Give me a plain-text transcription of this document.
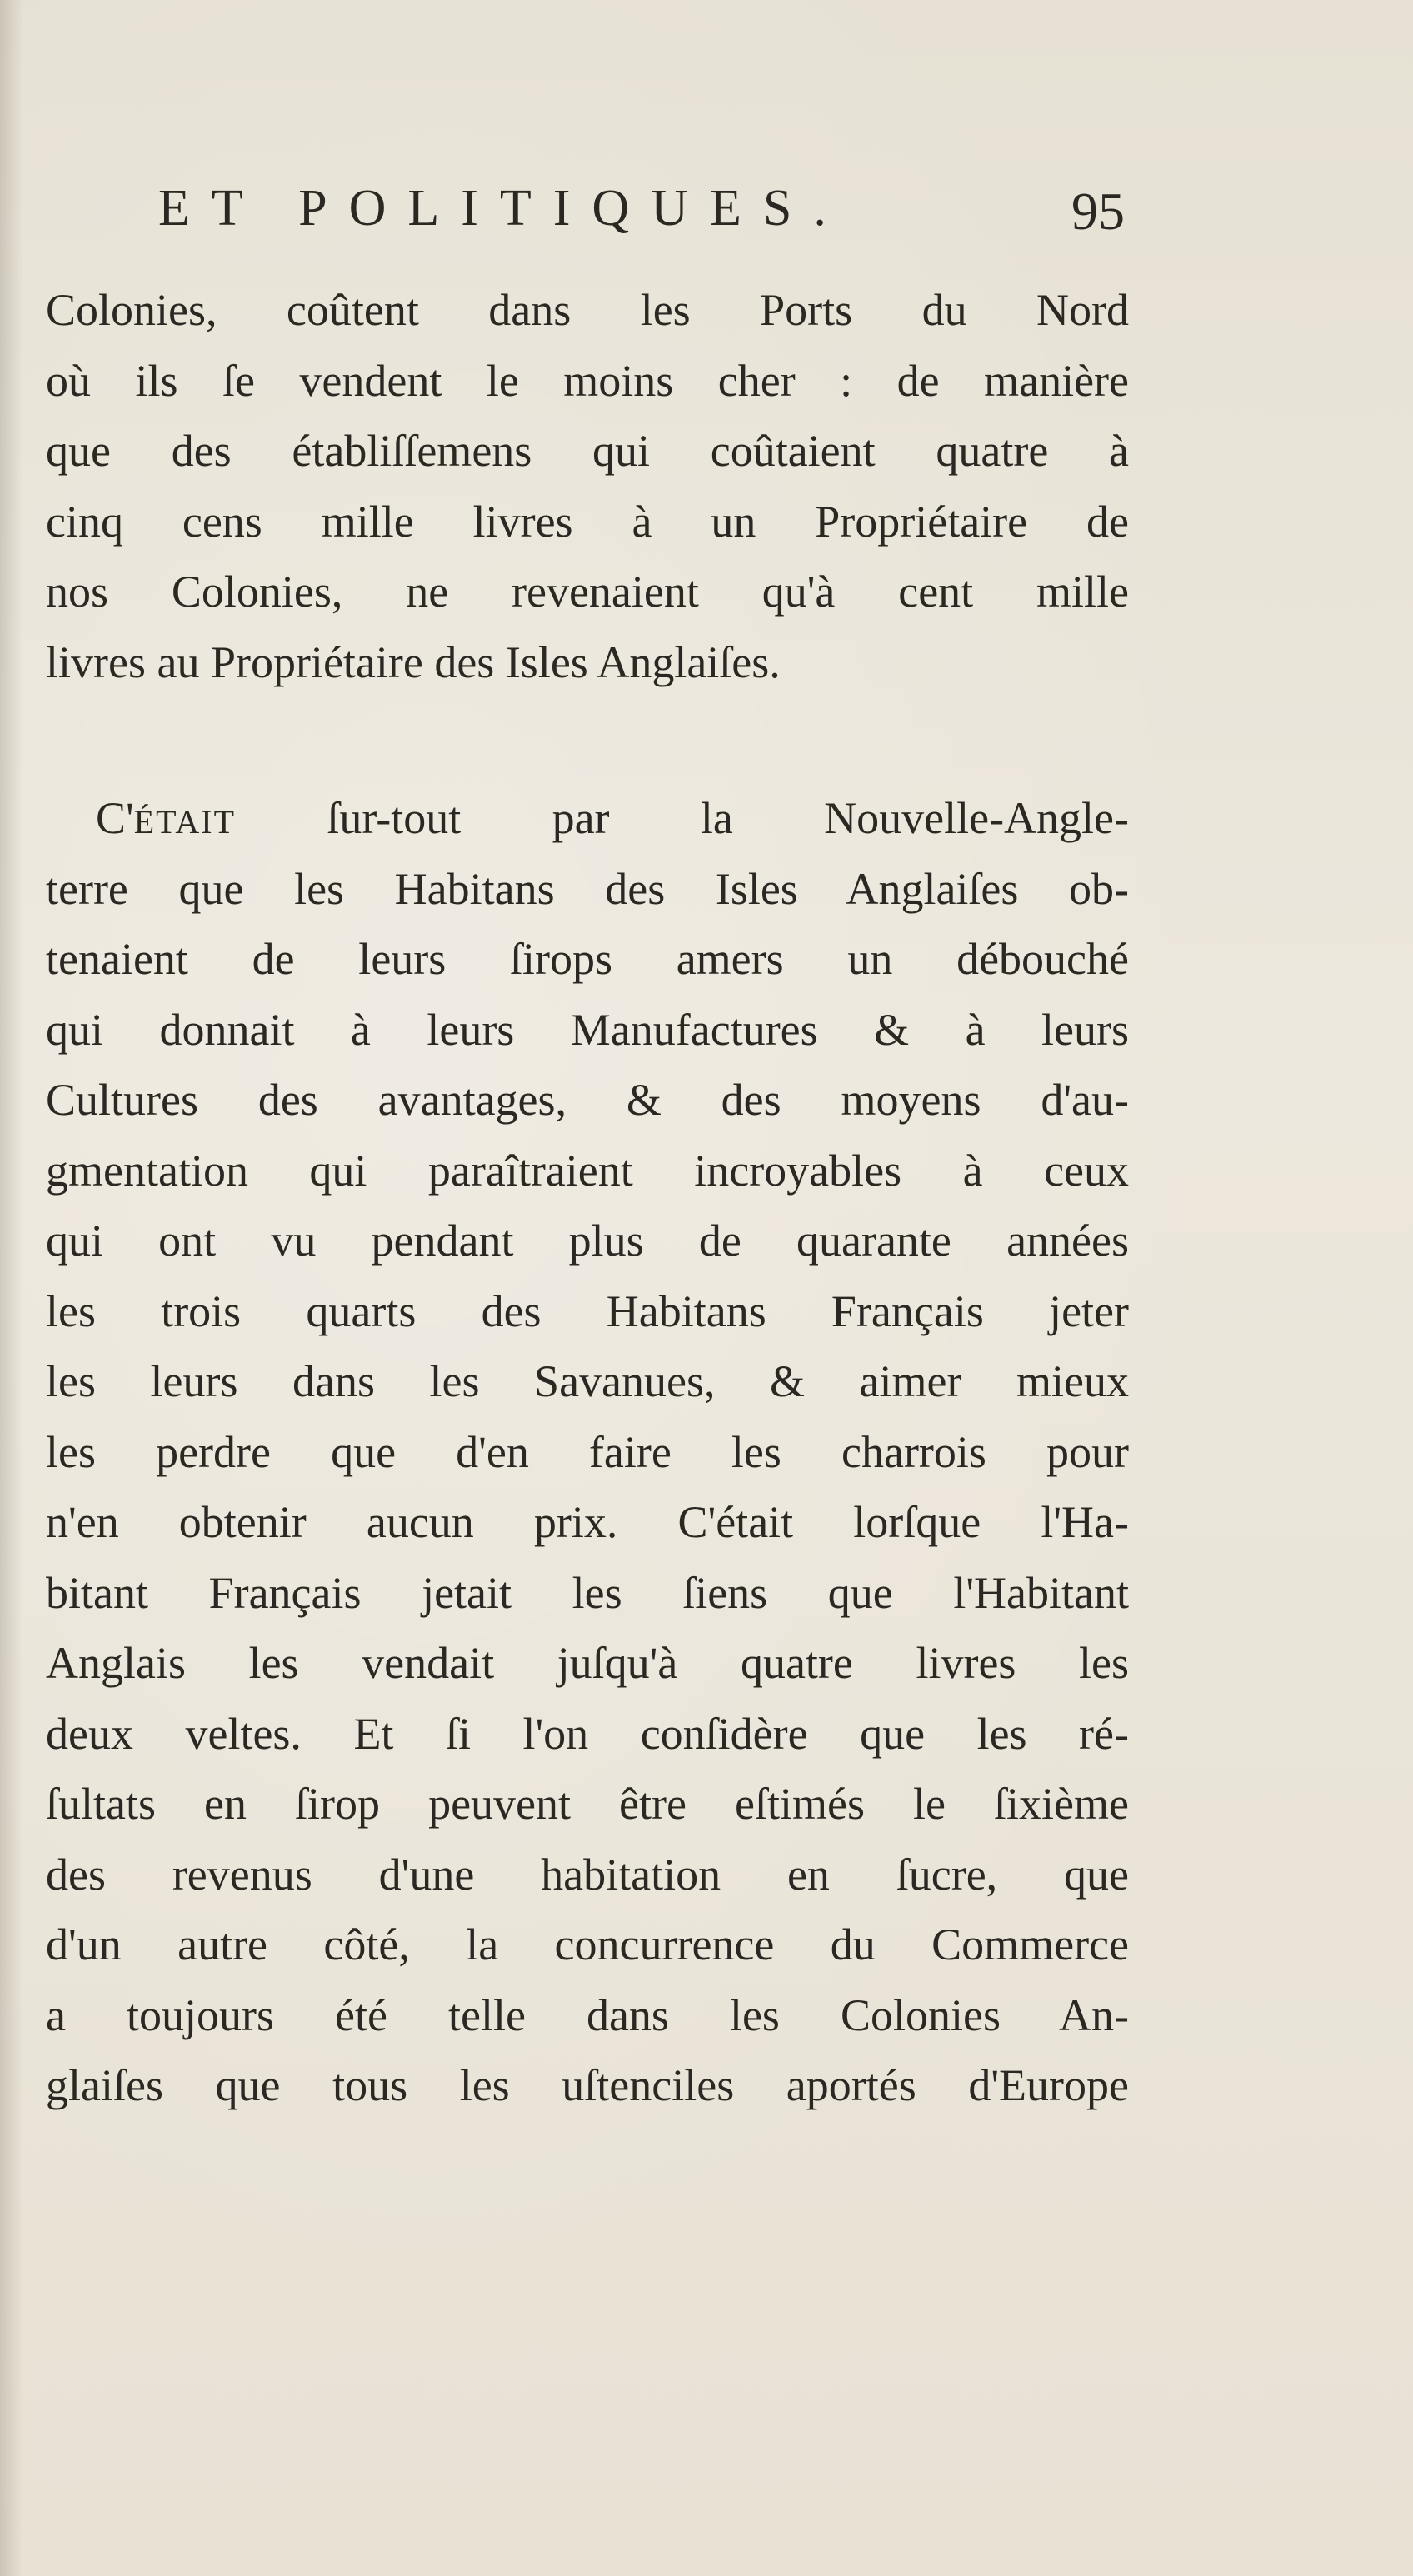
ET POLITIQUES.	95
Colonies, coûtent dans les Ports du Nord
où ils ſe vendent le moins cher : de manière
que des établiſſemens qui coûtaient quatre à
cinq cens mille livres à un Propriétaire de
nos Colonies, ne revenaient qu'à cent mille
livres au Propriétaire des Isles Anglaiſes.
C'ÉTAIT ſur-tout par la Nouvelle-Angle-
terre que les Habitans des Isles Anglaiſes ob-
tenaient de leurs ſirops amers un débouché
qui donnait à leurs Manufactures & à leurs
Cultures des avantages, & des moyens d'au-
gmentation qui paraîtraient incroyables à ceux
qui ont vu pendant plus de quarante années
les trois quarts des Habitans Français jeter
les leurs dans les Savanues, & aimer mieux
les perdre que d'en faire les charrois pour
n'en obtenir aucun prix. C'était lorſque l'Ha-
bitant Français jetait les ſiens que l'Habitant
Anglais les vendait juſqu'à quatre livres les
deux veltes. Et ſi l'on conſidère que les ré-
ſultats en ſirop peuvent être eſtimés le ſixième
des revenus d'une habitation en ſucre, que
d'un autre côté, la concurrence du Commerce
a toujours été telle dans les Colonies An-
glaiſes que tous les uſtenciles aportés d'Europe
